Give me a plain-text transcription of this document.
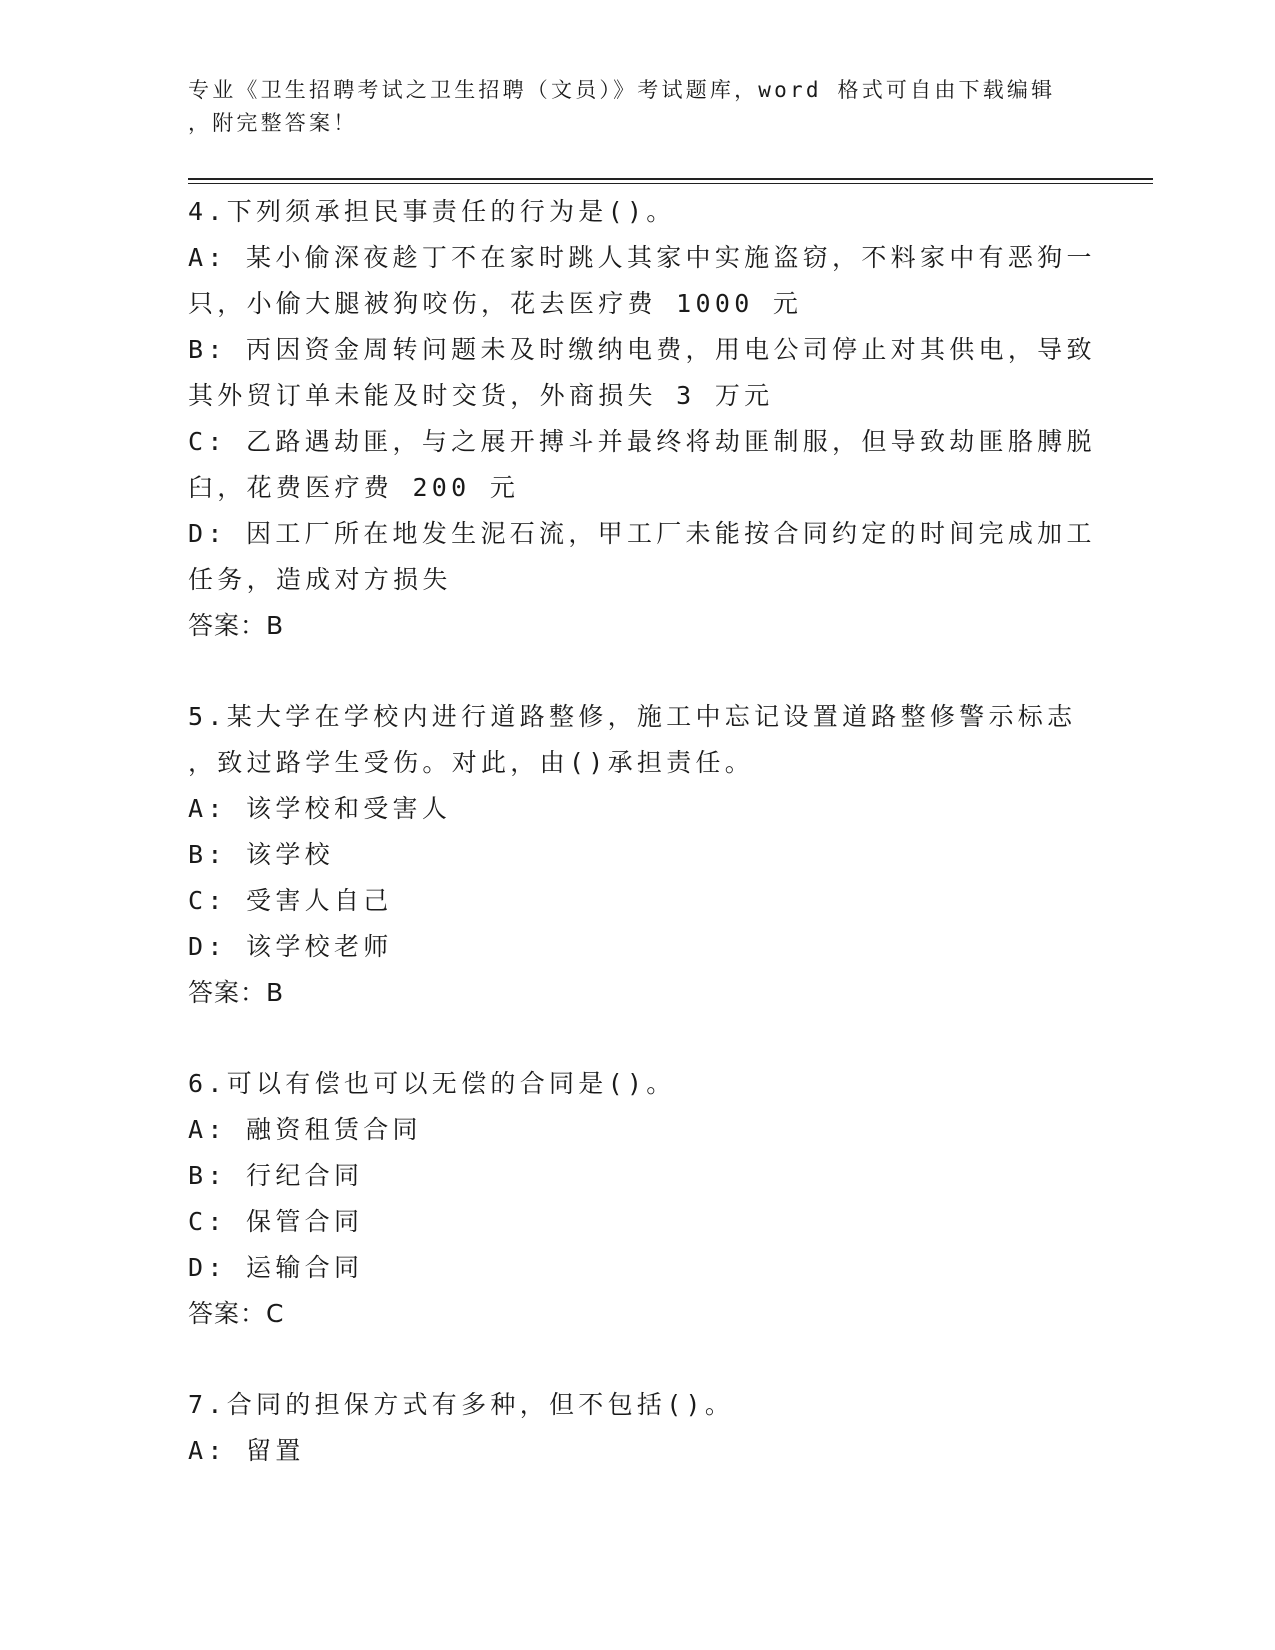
专业《卫生招聘考试之卫生招聘（文员）》考试题库，word 格式可自由下载编辑
，附完整答案！
4.下列须承担民事责任的行为是()。
A: 某小偷深夜趁丁不在家时跳人其家中实施盗窃，不料家中有恶狗一
只，小偷大腿被狗咬伤，花去医疗费 1000 元
B: 丙因资金周转问题未及时缴纳电费，用电公司停止对其供电，导致
其外贸订单未能及时交货，外商损失 3 万元
C: 乙路遇劫匪，与之展开搏斗并最终将劫匪制服，但导致劫匪胳膊脱
臼，花费医疗费 200 元
D: 因工厂所在地发生泥石流，甲工厂未能按合同约定的时间完成加工
任务，造成对方损失
答案：B
5.某大学在学校内进行道路整修，施工中忘记设置道路整修警示标志
，致过路学生受伤。对此，由()承担责任。
A: 该学校和受害人
B: 该学校
C: 受害人自己
D: 该学校老师
答案：B
6.可以有偿也可以无偿的合同是()。
A: 融资租赁合同
B: 行纪合同
C: 保管合同
D: 运输合同
答案：C
7.合同的担保方式有多种，但不包括()。
A: 留置
